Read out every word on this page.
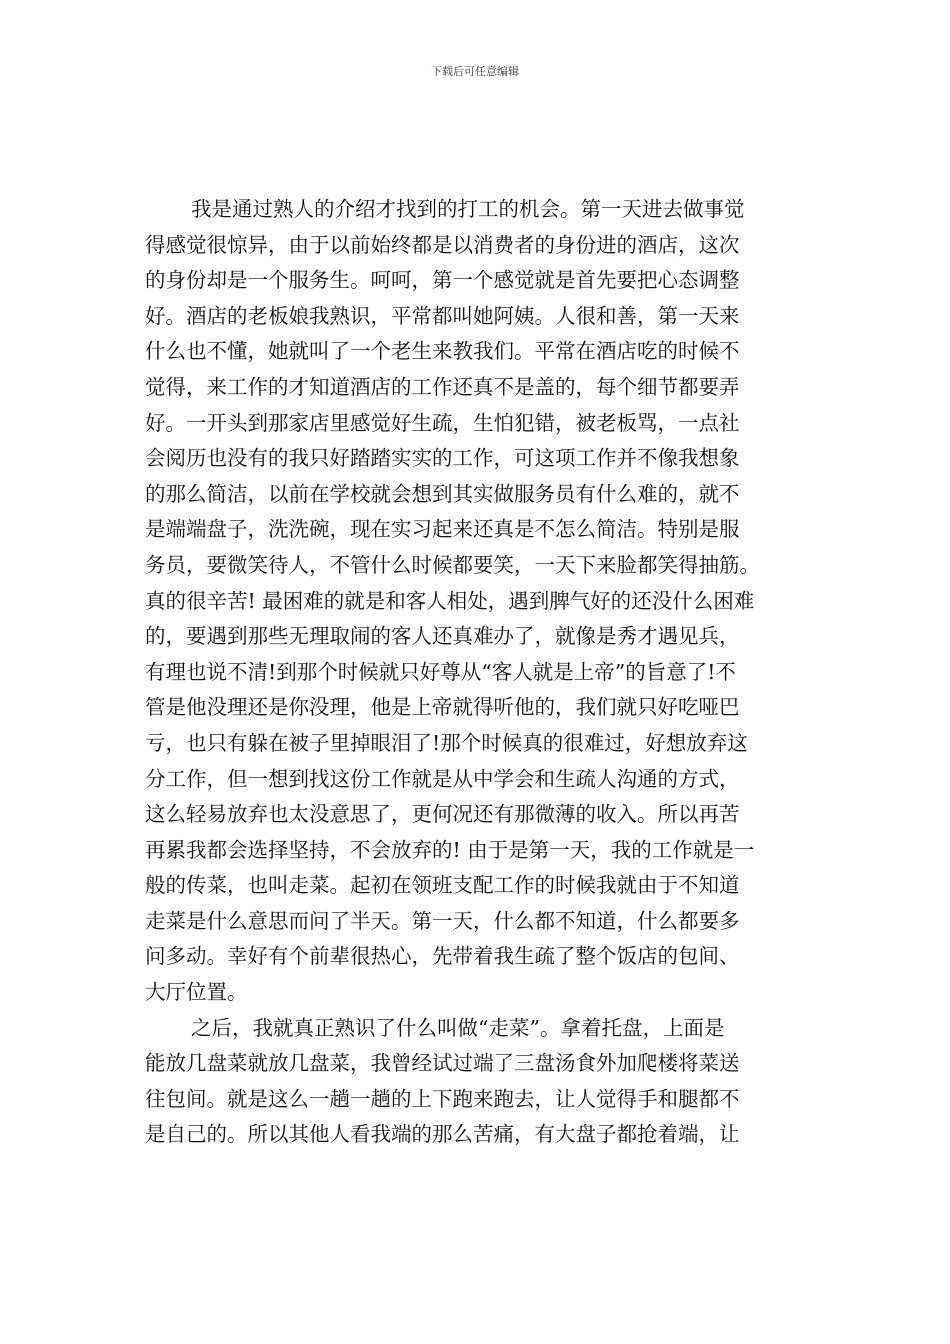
下载后可任意编辑
我是通过熟人的介绍才找到的打工的机会。第一天进去做事觉
得感觉很惊异，由于以前始终都是以消费者的身份进的酒店，这次
的身份却是一个服务生。呵呵，第一个感觉就是首先要把心态调整
好。酒店的老板娘我熟识，平常都叫她阿姨。人很和善，第一天来
什么也不懂，她就叫了一个老生来教我们。平常在酒店吃的时候不
觉得，来工作的才知道酒店的工作还真不是盖的，每个细节都要弄
好。一开头到那家店里感觉好生疏，生怕犯错，被老板骂，一点社
会阅历也没有的我只好踏踏实实的工作，可这项工作并不像我想象
的那么简洁，以前在学校就会想到其实做服务员有什么难的，就不
是端端盘子，洗洗碗，现在实习起来还真是不怎么简洁。特别是服
务员，要微笑待人，不管什么时候都要笑，一天下来脸都笑得抽筋。
真的很辛苦! 最困难的就是和客人相处，遇到脾气好的还没什么困难
的，要遇到那些无理取闹的客人还真难办了，就像是秀才遇见兵，
有理也说不清!到那个时候就只好尊从“客人就是上帝”的旨意了!不
管是他没理还是你没理，他是上帝就得听他的，我们就只好吃哑巴
亏，也只有躲在被子里掉眼泪了!那个时候真的很难过，好想放弃这
分工作，但一想到找这份工作就是从中学会和生疏人沟通的方式，
这么轻易放弃也太没意思了，更何况还有那微薄的收入。所以再苦
再累我都会选择坚持，不会放弃的! 由于是第一天，我的工作就是一
般的传菜，也叫走菜。起初在领班支配工作的时候我就由于不知道
走菜是什么意思而问了半天。第一天，什么都不知道，什么都要多
问多动。幸好有个前辈很热心，先带着我生疏了整个饭店的包间、
大厅位置。
之后，我就真正熟识了什么叫做“走菜”。拿着托盘，上面是
能放几盘菜就放几盘菜，我曾经试过端了三盘汤食外加爬楼将菜送
往包间。就是这么一趟一趟的上下跑来跑去，让人觉得手和腿都不
是自己的。所以其他人看我端的那么苦痛，有大盘子都抢着端，让
